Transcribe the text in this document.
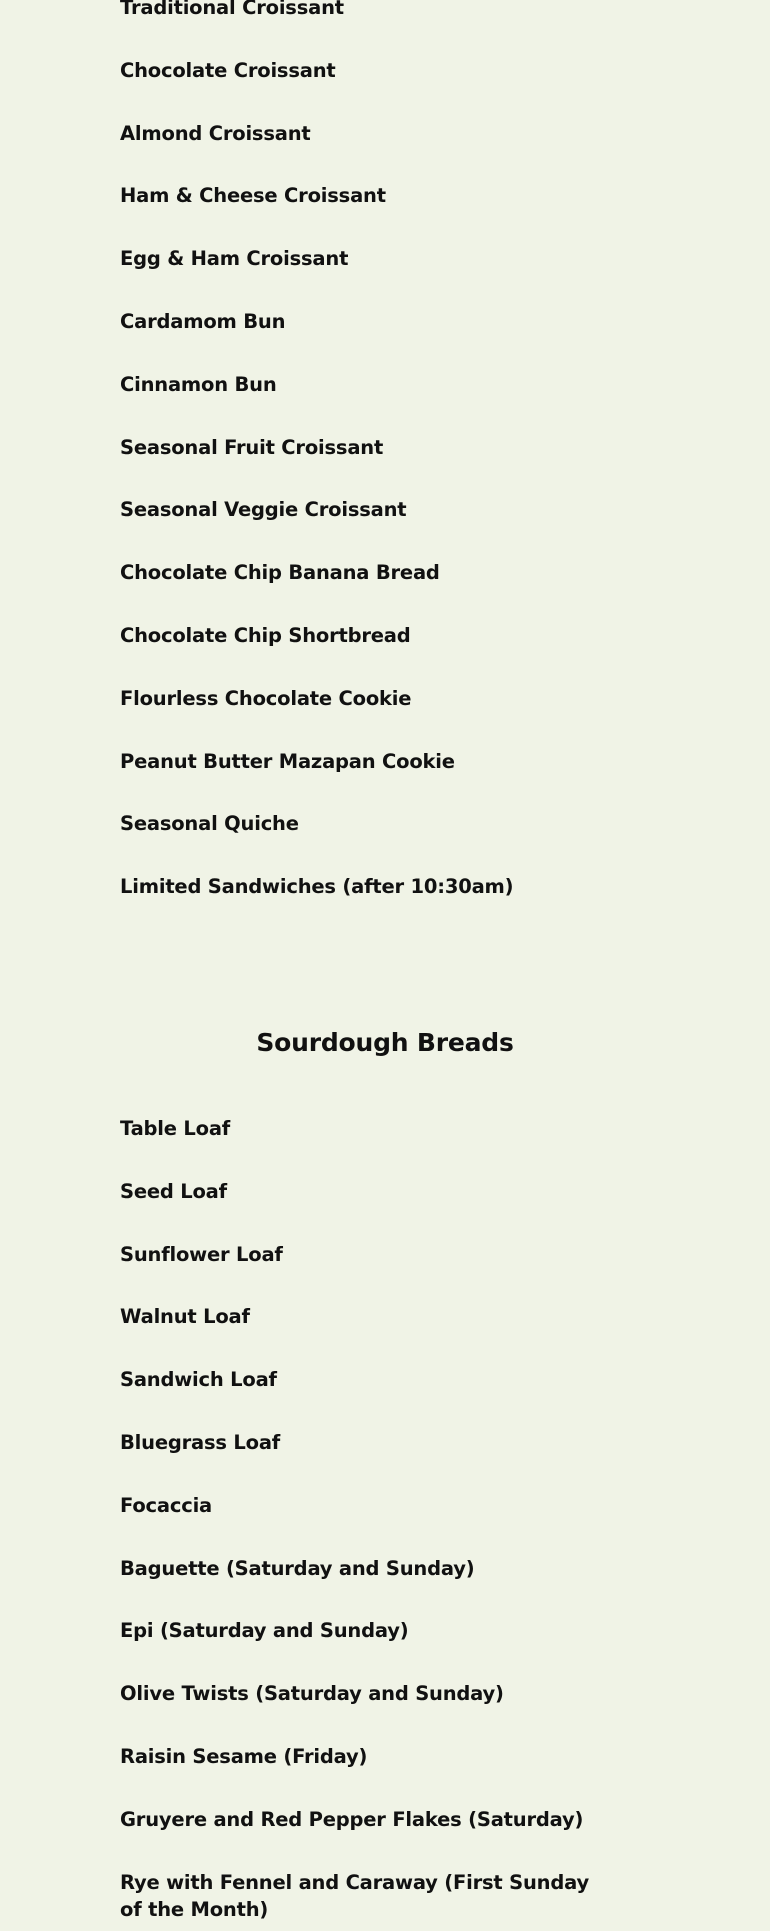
Traditional Croissant
Chocolate Croissant
Almond Croissant
Ham & Cheese Croissant
Egg & Ham Croissant
Cardamom Bun
Cinnamon Bun
Seasonal Fruit Croissant
Seasonal Veggie Croissant
Chocolate Chip Banana Bread
Chocolate Chip Shortbread
Flourless Chocolate Cookie
Peanut Butter Mazapan Cookie
Seasonal Quiche
Limited Sandwiches (after 10:30am)
Sourdough Breads
Table Loaf
Seed Loaf
Sunflower Loaf
Walnut Loaf
Sandwich Loaf
Bluegrass Loaf
Focaccia
Baguette (Saturday and Sunday)
Epi (Saturday and Sunday)
Olive Twists (Saturday and Sunday)
Raisin Sesame (Friday)
Gruyere and Red Pepper Flakes (Saturday)
Rye with Fennel and Caraway (First Sunday of the Month)
